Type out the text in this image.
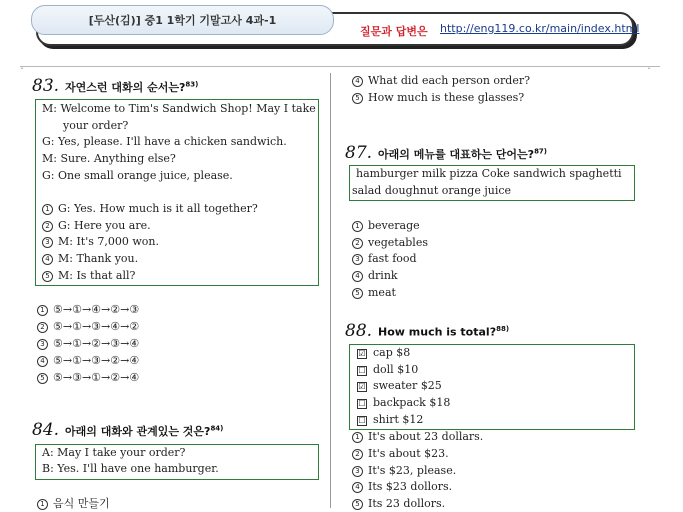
[두산(김)] 중1 1학기 기말고사 4과-1
질문과 답변은 http://eng119.co.kr/main/index.html
˯	˯
83. 자연스런 대화의 순서는?$^{83)}$
M: Welcome to Tim's Sandwich Shop! May I take
your order?
G: Yes, please. I'll have a chicken sandwich.
M: Sure. Anything else?
G: One small orange juice, please.
1 G: Yes. How much is it all together?
2 G: Here you are.
3 M: It's 7,000 won.
4 M: Thank you.
5 M: Is that all?
1 ⑤→①→④→②→③
2 ⑤→①→③→④→②
3 ⑤→①→②→③→④
4 ⑤→①→③→②→④
5 ⑤→③→①→②→④
84. 아래의 대화와 관계있는 것은?$^{84)}$
A: May I take your order?
B: Yes. I'll have one hamburger.
1 음식 만들기
4 What did each person order?
5 How much is these glasses?
87. 아래의 메뉴를 대표하는 단어는?$^{87)}$
hamburger milk pizza Coke sandwich spaghetti
salad doughnut orange juice
1 beverage
2 vegetables
3 fast food
4 drink
5 meat
88. How much is total?$^{88)}$
☑ cap $8
☐ doll $10
☑ sweater $25
☐ backpack $18
☐ shirt $12
1 It's about 23 dollars.
2 It's about $23.
3 It's $23, please.
4 Its $23 dollors.
5 Its 23 dollors.
